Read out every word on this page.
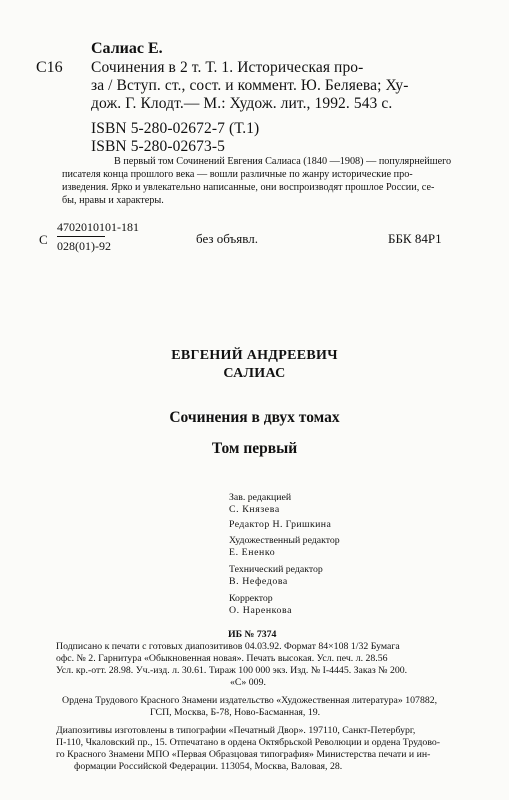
Салиас Е.
С16 Сочинения в 2 т. Т. 1. Историческая про-
за / Вступ. ст., сост. и коммент. Ю. Беляева; Ху-
дож. Г. Клодт.— М.: Худож. лит., 1992. 543 с.
ISBN 5-280-02672-7 (Т.1)
ISBN 5-280-02673-5
В первый том Сочинений Евгения Салиаса (1840 —1908) — популярнейшего
писателя конца прошлого века — вошли различные по жанру исторические про-
изведения. Ярко и увлекательно написанные, они воспроизводят прошлое России, се-
бы, нравы и характеры.
С $\frac{4702010101-181}{028(01)-92}$	без объявл.	ББК 84Р1
ЕВГЕНИЙ АНДРЕЕВИЧ
САЛИАС
Сочинения в двух томах
Том первый
Зав. редакцией
С. Князева
Редактор Н. Гришкина
Художественный редактор
Е. Ененко
Технический редактор
В. Нефедова
Корректор
О. Наренкова
ИБ № 7374
Подписано к печати с готовых диапозитивов 04.03.92. Формат 84×108 1/32 Бумага
офс. № 2. Гарнитура «Обыкновенная новая». Печать высокая. Усл. печ. л. 28.56
Усл. кр.-отт. 28.98. Уч.-изд. л. 30.61. Тираж 100 000 экз. Изд. № I-4445. Заказ № 200.
«С» 009.
Ордена Трудового Красного Знамени издательство «Художественная литература» 107882,
ГСП, Москва, Б-78, Ново-Басманная, 19.
Диапозитивы изготовлены в типографии «Печатный Двор». 197110, Санкт-Петербург,
П-110, Чкаловский пр., 15. Отпечатано в ордена Октябрьской Революции и ордена Трудово-
го Красного Знамени МПО «Первая Образцовая типография» Министерства печати и ин-
формации Российской Федерации. 113054, Москва, Валовая, 28.
